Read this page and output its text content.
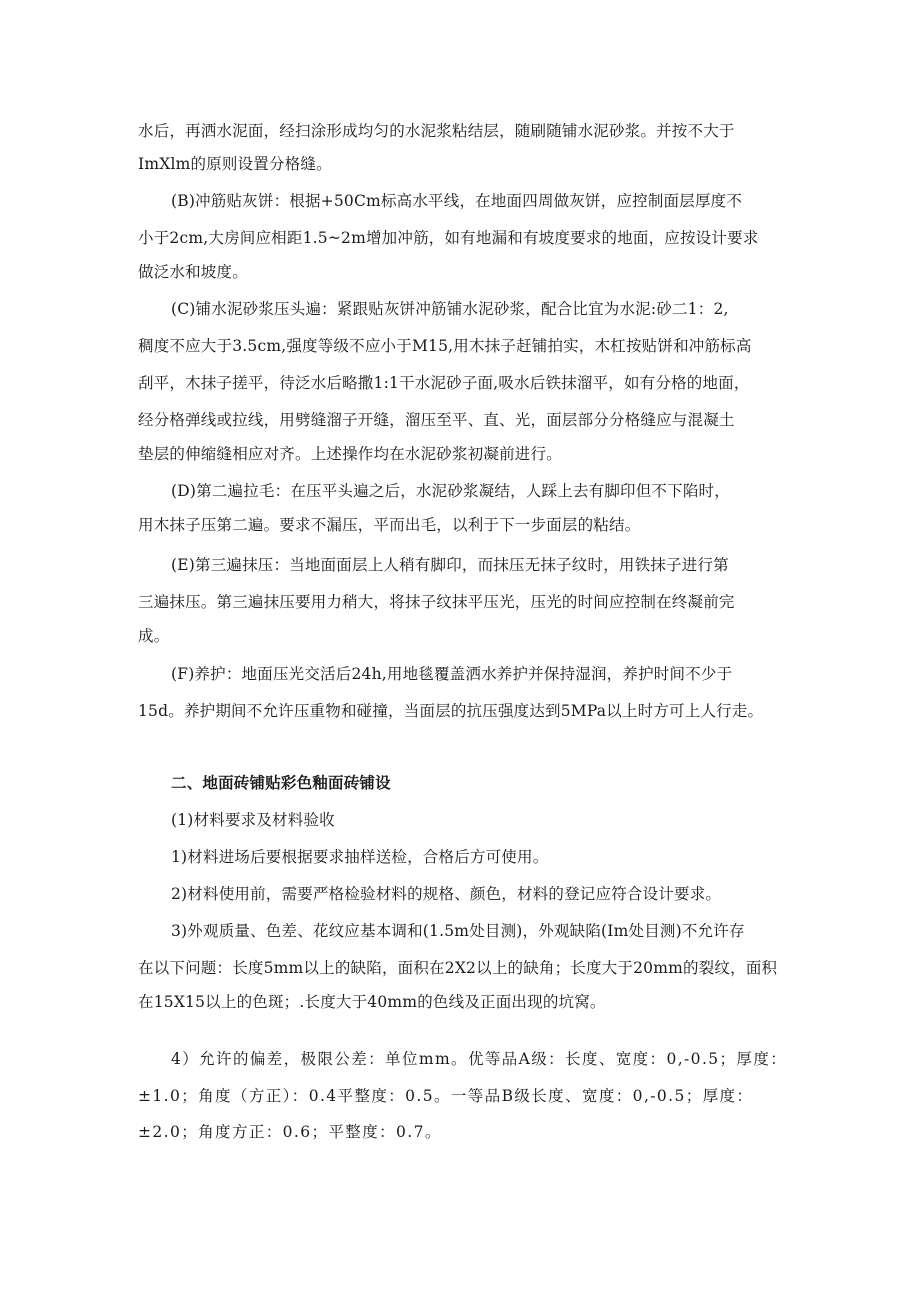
水后，再洒水泥面，经扫涂形成均匀的水泥浆粘结层，随刷随铺水泥砂浆。并按不大于
ImXlm的原则设置分格缝。
(B)冲筋贴灰饼：根据+50Cm标高水平线，在地面四周做灰饼，应控制面层厚度不
小于2cm,大房间应相距1.5~2m增加冲筋，如有地漏和有坡度要求的地面，应按设计要求
做泛水和坡度。
(C)铺水泥砂浆压头遍：紧跟贴灰饼冲筋铺水泥砂浆，配合比宜为水泥:砂二1：2,
稠度不应大于3.5cm,强度等级不应小于M15,用木抹子赶铺拍实，木杠按贴饼和冲筋标高
刮平，木抹子搓平，待泛水后略撒1:1干水泥砂子面,吸水后铁抹溜平，如有分格的地面，
经分格弹线或拉线，用劈缝溜子开缝，溜压至平、直、光，面层部分分格缝应与混凝土
垫层的伸缩缝相应对齐。上述操作均在水泥砂浆初凝前进行。
(D)第二遍拉毛：在压平头遍之后，水泥砂浆凝结，人踩上去有脚印但不下陷时，
用木抹子压第二遍。要求不漏压，平而出毛，以利于下一步面层的粘结。
(E)第三遍抹压：当地面面层上人稍有脚印，而抹压无抹子纹时，用铁抹子进行第
三遍抹压。第三遍抹压要用力稍大，将抹子纹抹平压光，压光的时间应控制在终凝前完
成。
(F)养护：地面压光交活后24h,用地毯覆盖洒水养护并保持湿润，养护时间不少于
15d。养护期间不允许压重物和碰撞，当面层的抗压强度达到5MPa以上时方可上人行走。
二、地面砖铺贴彩色釉面砖铺设
(1)材料要求及材料验收
1)材料进场后要根据要求抽样送检，合格后方可使用。
2)材料使用前，需要严格检验材料的规格、颜色，材料的登记应符合设计要求。
3)外观质量、色差、花纹应基本调和(1.5m处目测)，外观缺陷(Im处目测)不允许存
在以下问题：长度5mm以上的缺陷，面积在2X2以上的缺角；长度大于20mm的裂纹，面积
在15X15以上的色斑；.长度大于40mm的色线及正面出现的坑窝。
4）允许的偏差，极限公差：单位mm。优等品A级：长度、宽度：0,-0.5；厚度：
±1.0；角度（方正）：0.4平整度：0.5。一等品B级长度、宽度：0,-0.5；厚度：
±2.0；角度方正：0.6；平整度：0.7。
